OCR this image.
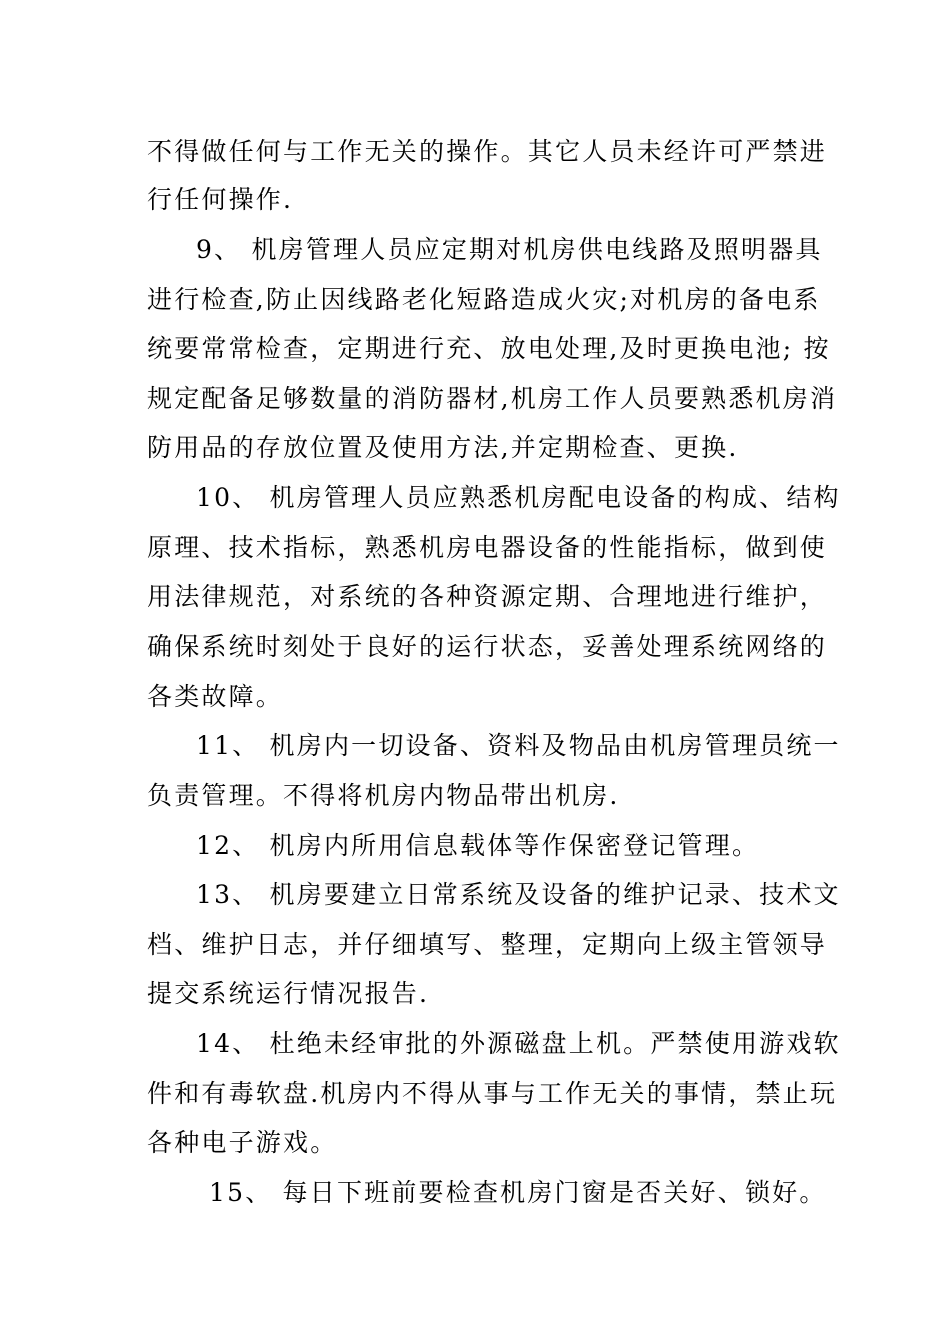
不得做任何与工作无关的操作。其它人员未经许可严禁进
行任何操作.
9、 机房管理人员应定期对机房供电线路及照明器具
进行检查,防止因线路老化短路造成火灾;对机房的备电系
统要常常检查，定期进行充、放电处理,及时更换电池; 按
规定配备足够数量的消防器材,机房工作人员要熟悉机房消
防用品的存放位置及使用方法,并定期检查、更换.
10、 机房管理人员应熟悉机房配电设备的构成、结构
原理、技术指标，熟悉机房电器设备的性能指标，做到使
用法律规范，对系统的各种资源定期、合理地进行维护，
确保系统时刻处于良好的运行状态，妥善处理系统网络的
各类故障。
11、 机房内一切设备、资料及物品由机房管理员统一
负责管理。不得将机房内物品带出机房.
12、 机房内所用信息载体等作保密登记管理。
13、 机房要建立日常系统及设备的维护记录、技术文
档、维护日志，并仔细填写、整理，定期向上级主管领导
提交系统运行情况报告.
14、 杜绝未经审批的外源磁盘上机。严禁使用游戏软
件和有毒软盘.机房内不得从事与工作无关的事情，禁止玩
各种电子游戏。
15、 每日下班前要检查机房门窗是否关好、锁好。
